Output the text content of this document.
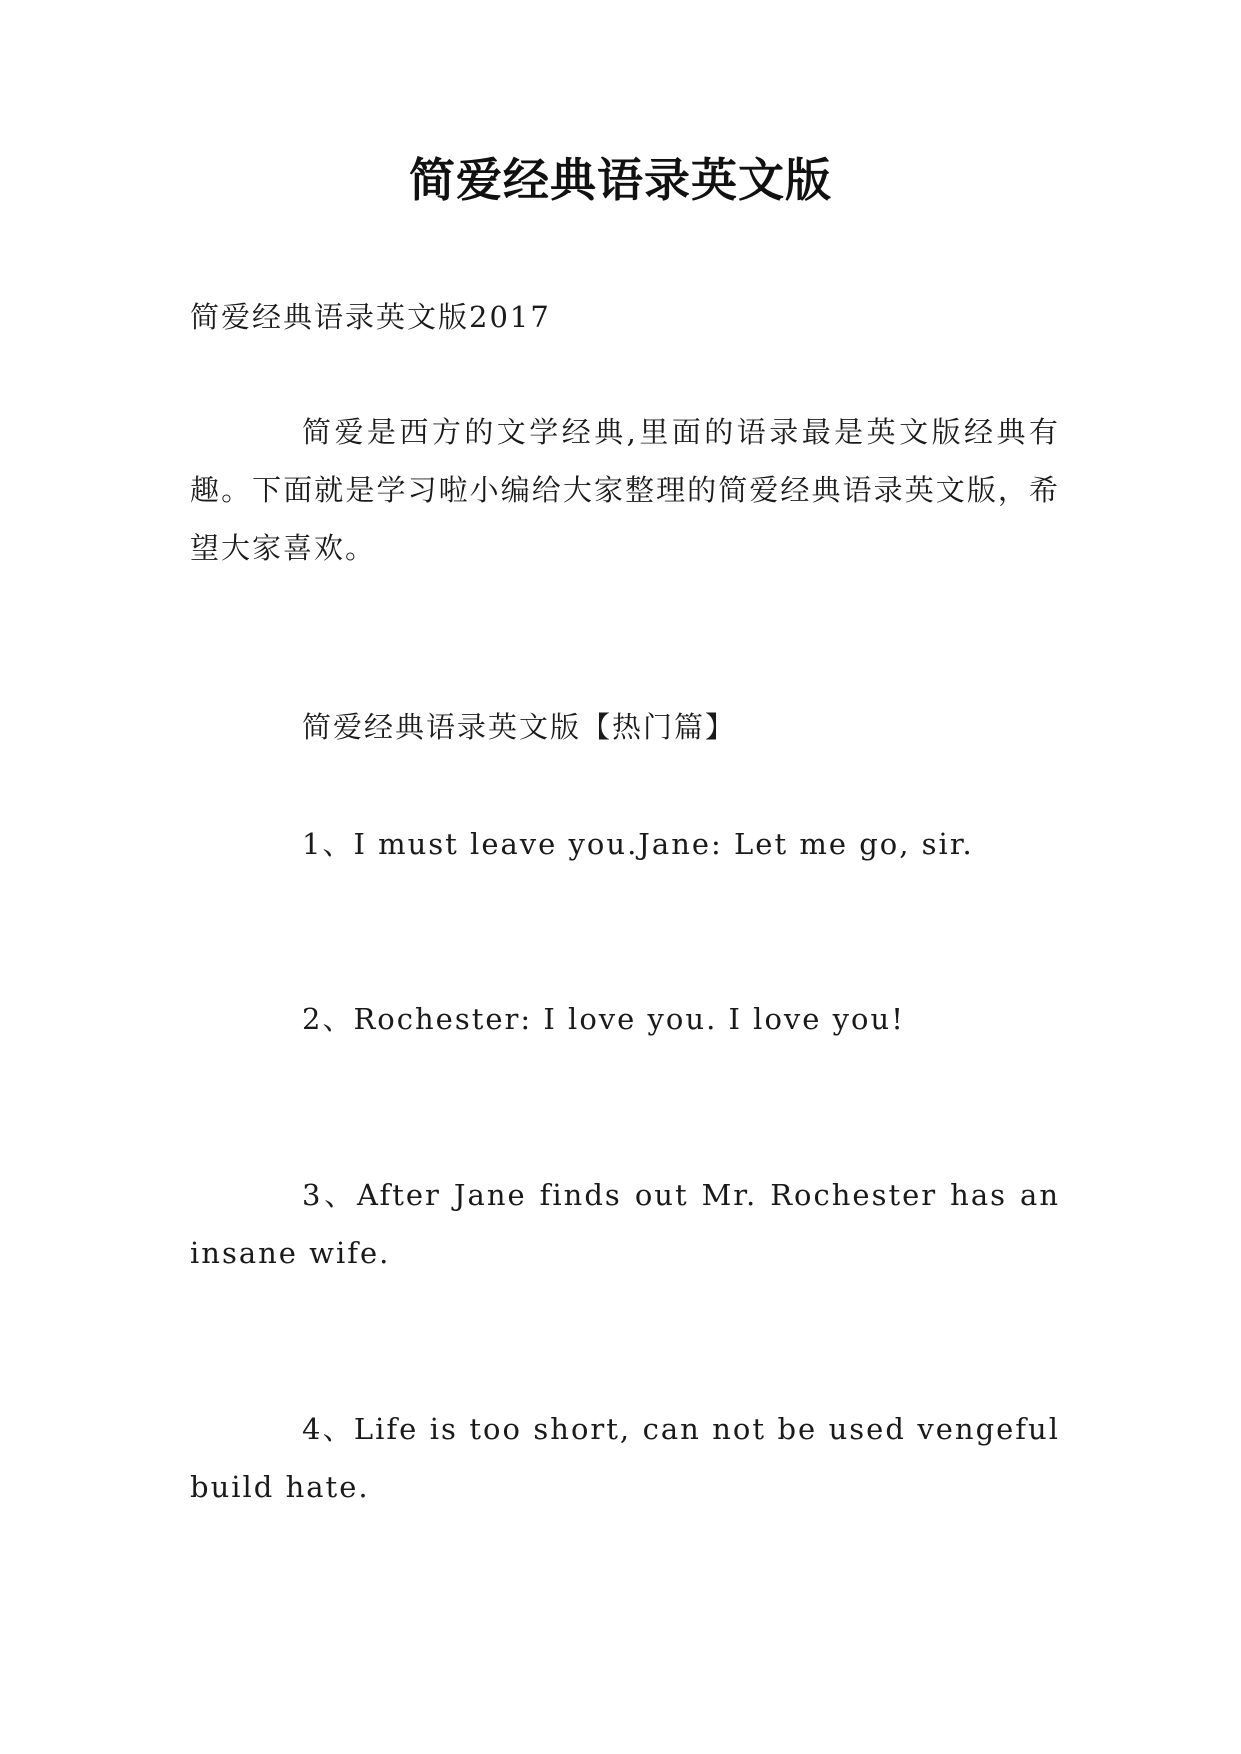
简爱经典语录英文版

简爱经典语录英文版2017

简爱是西方的文学经典,里面的语录最是英文版经典有趣。下面就是学习啦小编给大家整理的简爱经典语录英文版，希望大家喜欢。

简爱经典语录英文版【热门篇】

1、I must leave you.Jane: Let me go, sir.

2、Rochester: I love you. I love you!

3、After Jane finds out Mr. Rochester has an insane wife.

4、Life is too short, can not be used vengeful build hate.
